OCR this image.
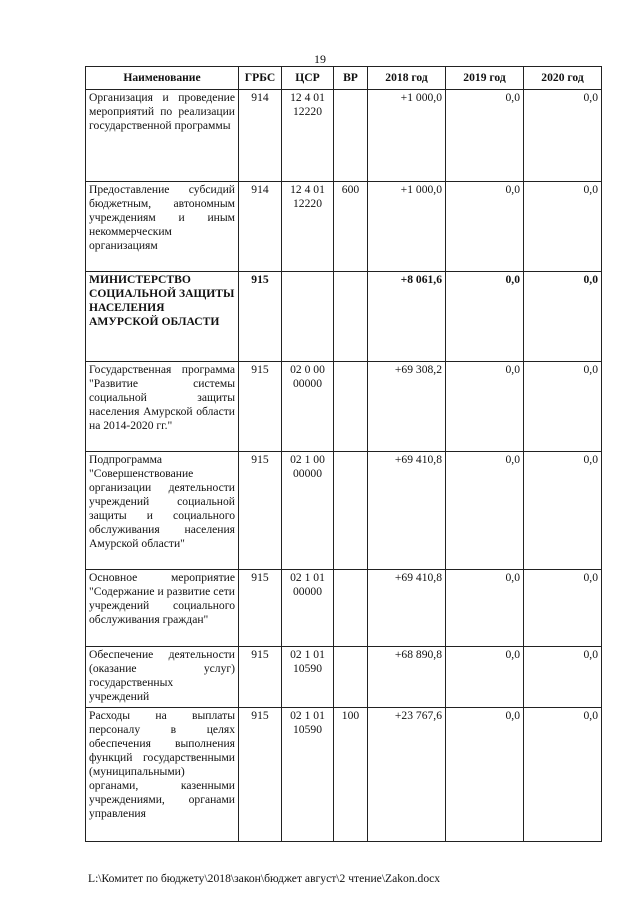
19
Наименование	ГРБС	ЦСР	ВР	2018 год	2019 год	2020 год
Организация и проведение мероприятий по реализации государственной программы	914	12 4 01 12220		+1 000,0	0,0	0,0
Предоставление субсидий бюджетным, автономным учреждениям и иным некоммерческим организациям	914	12 4 01 12220	600	+1 000,0	0,0	0,0
МИНИСТЕРСТВО СОЦИАЛЬНОЙ ЗАЩИТЫ НАСЕЛЕНИЯ АМУРСКОЙ ОБЛАСТИ	915			+8 061,6	0,0	0,0
Государственная программа "Развитие системы социальной защиты населения Амурской области на 2014-2020 гг."	915	02 0 00 00000		+69 308,2	0,0	0,0
Подпрограмма "Совершенствование организации деятельности учреждений социальной защиты и социального обслуживания населения Амурской области"	915	02 1 00 00000		+69 410,8	0,0	0,0
Основное мероприятие "Содержание и развитие сети учреждений социального обслуживания граждан"	915	02 1 01 00000		+69 410,8	0,0	0,0
Обеспечение деятельности (оказание услуг) государственных учреждений	915	02 1 01 10590		+68 890,8	0,0	0,0
Расходы на выплаты персоналу в целях обеспечения выполнения функций государственными (муниципальными) органами, казенными учреждениями, органами управления	915	02 1 01 10590	100	+23 767,6	0,0	0,0
L:\Комитет по бюджету\2018\закон\бюджет август\2 чтение\Zakon.docx
